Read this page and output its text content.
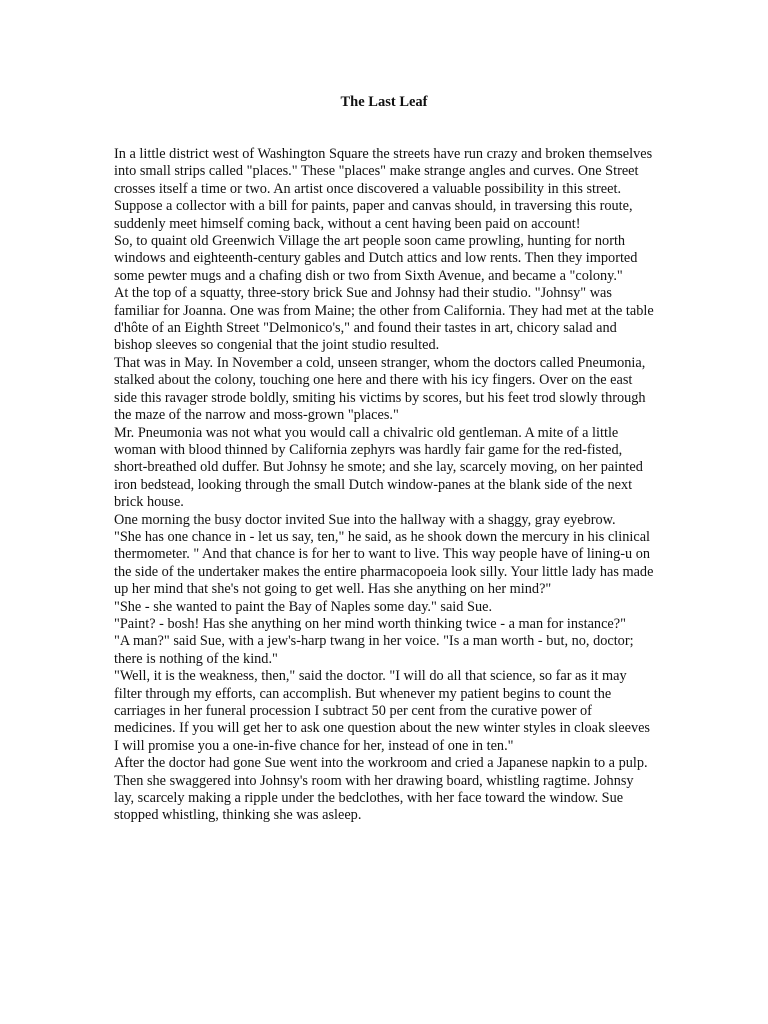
The Last Leaf

In a little district west of Washington Square the streets have run crazy and broken themselves into small strips called "places." These "places" make strange angles and curves. One Street crosses itself a time or two. An artist once discovered a valuable possibility in this street. Suppose a collector with a bill for paints, paper and canvas should, in traversing this route, suddenly meet himself coming back, without a cent having been paid on account!

So, to quaint old Greenwich Village the art people soon came prowling, hunting for north windows and eighteenth-century gables and Dutch attics and low rents. Then they imported some pewter mugs and a chafing dish or two from Sixth Avenue, and became a "colony."

At the top of a squatty, three-story brick Sue and Johnsy had their studio. "Johnsy" was familiar for Joanna. One was from Maine; the other from California. They had met at the table d'hôte of an Eighth Street "Delmonico's," and found their tastes in art, chicory salad and bishop sleeves so congenial that the joint studio resulted.

That was in May. In November a cold, unseen stranger, whom the doctors called Pneumonia, stalked about the colony, touching one here and there with his icy fingers. Over on the east side this ravager strode boldly, smiting his victims by scores, but his feet trod slowly through the maze of the narrow and moss-grown "places."

Mr. Pneumonia was not what you would call a chivalric old gentleman. A mite of a little woman with blood thinned by California zephyrs was hardly fair game for the red-fisted, short-breathed old duffer. But Johnsy he smote; and she lay, scarcely moving, on her painted iron bedstead, looking through the small Dutch window-panes at the blank side of the next brick house.

One morning the busy doctor invited Sue into the hallway with a shaggy, gray eyebrow.

"She has one chance in - let us say, ten," he said, as he shook down the mercury in his clinical thermometer. " And that chance is for her to want to live. This way people have of lining-u on the side of the undertaker makes the entire pharmacopoeia look silly. Your little lady has made up her mind that she's not going to get well. Has she anything on her mind?"

"She - she wanted to paint the Bay of Naples some day." said Sue.

"Paint? - bosh! Has she anything on her mind worth thinking twice - a man for instance?"

"A man?" said Sue, with a jew's-harp twang in her voice. "Is a man worth - but, no, doctor; there is nothing of the kind."

"Well, it is the weakness, then," said the doctor. "I will do all that science, so far as it may filter through my efforts, can accomplish. But whenever my patient begins to count the carriages in her funeral procession I subtract 50 per cent from the curative power of medicines. If you will get her to ask one question about the new winter styles in cloak sleeves I will promise you a one-in-five chance for her, instead of one in ten."

After the doctor had gone Sue went into the workroom and cried a Japanese napkin to a pulp. Then she swaggered into Johnsy's room with her drawing board, whistling ragtime. Johnsy lay, scarcely making a ripple under the bedclothes, with her face toward the window. Sue stopped whistling, thinking she was asleep.
